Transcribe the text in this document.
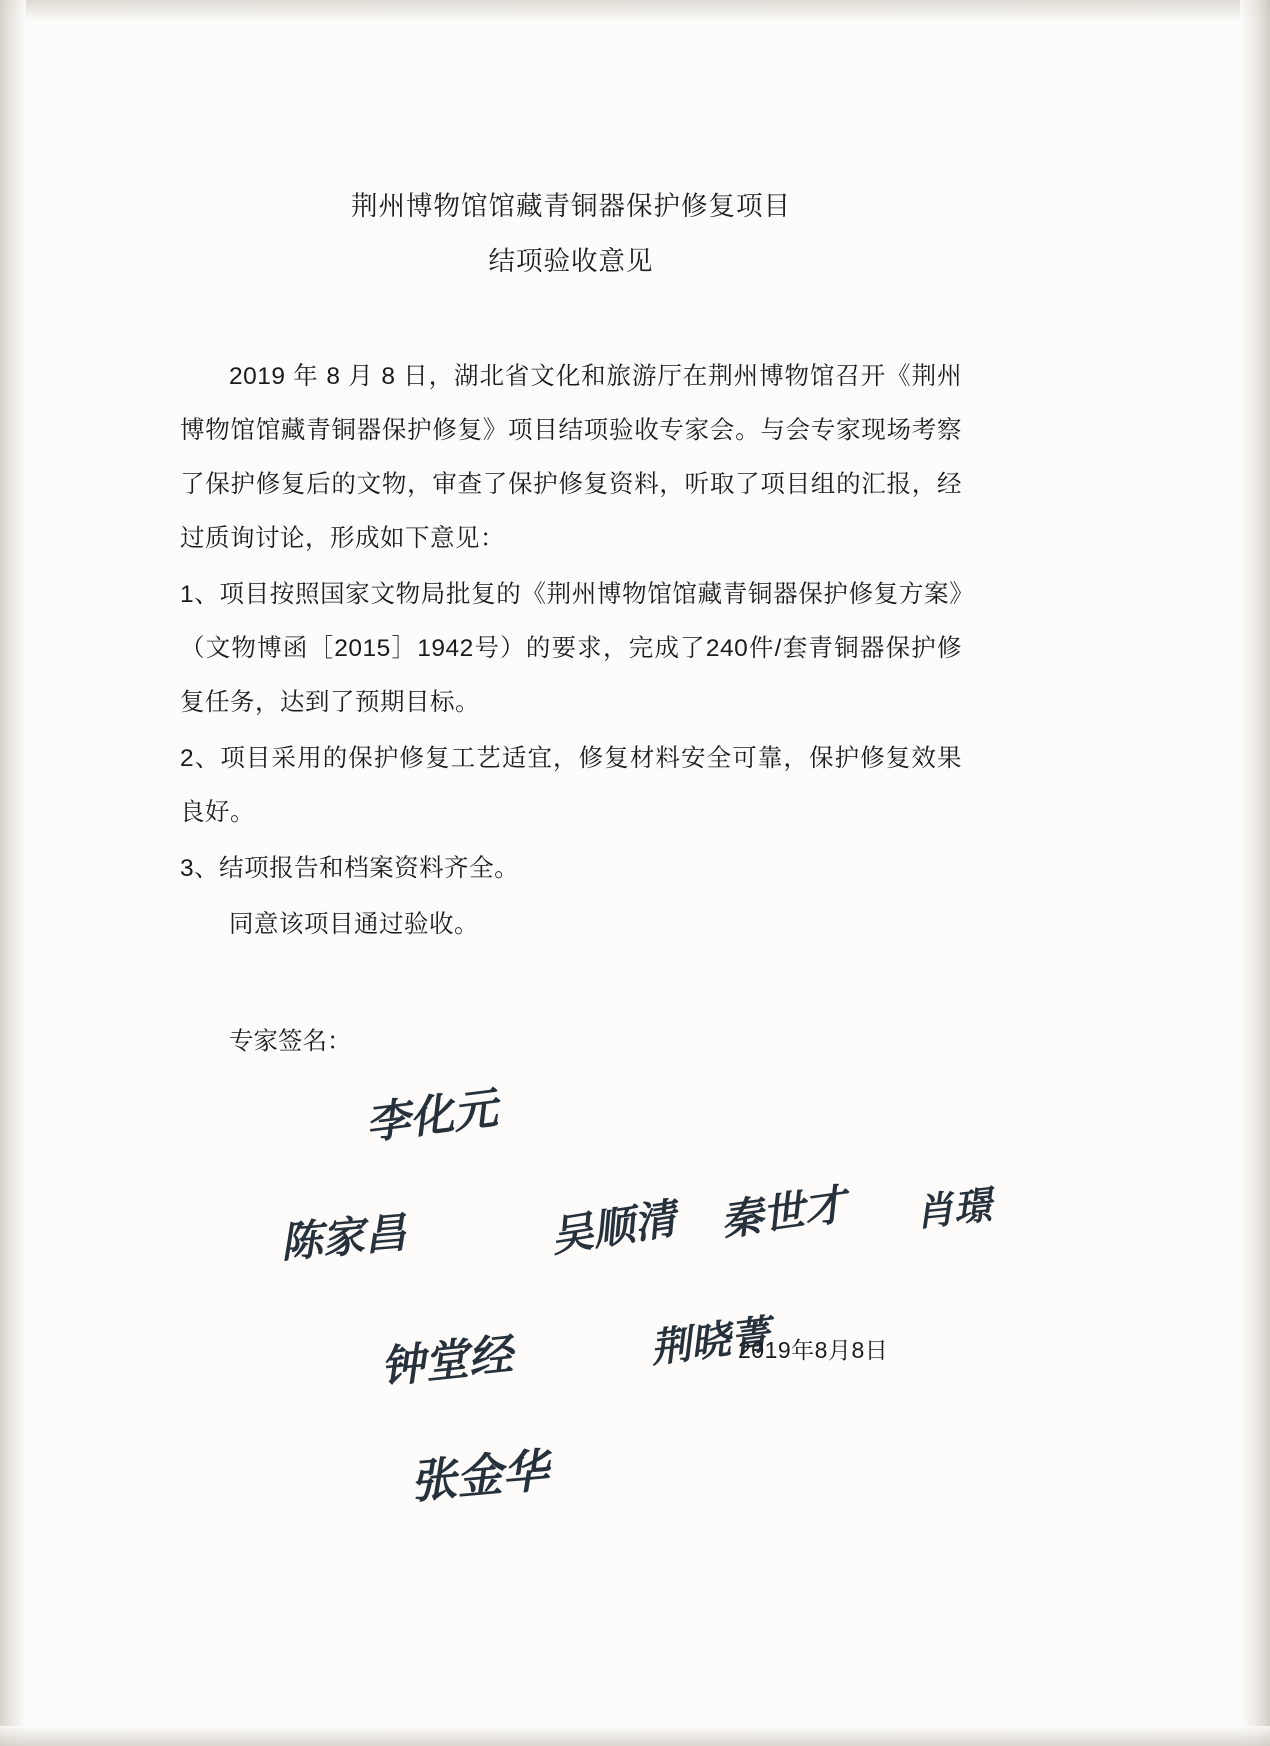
荆州博物馆馆藏青铜器保护修复项目
结项验收意见

2019 年 8 月 8 日，湖北省文化和旅游厅在荆州博物馆召开《荆州博物馆馆藏青铜器保护修复》项目结项验收专家会。与会专家现场考察了保护修复后的文物，审查了保护修复资料，听取了项目组的汇报，经过质询讨论，形成如下意见：

1、项目按照国家文物局批复的《荆州博物馆馆藏青铜器保护修复方案》（文物博函［2015］1942号）的要求，完成了240件/套青铜器保护修复任务，达到了预期目标。

2、项目采用的保护修复工艺适宜，修复材料安全可靠，保护修复效果良好。

3、结项报告和档案资料齐全。

同意该项目通过验收。

专家签名：
李化元
陈家昌	吴顺清 秦世才 肖璟
钟堂经	荆晓菁
张金华
2019年8月8日
